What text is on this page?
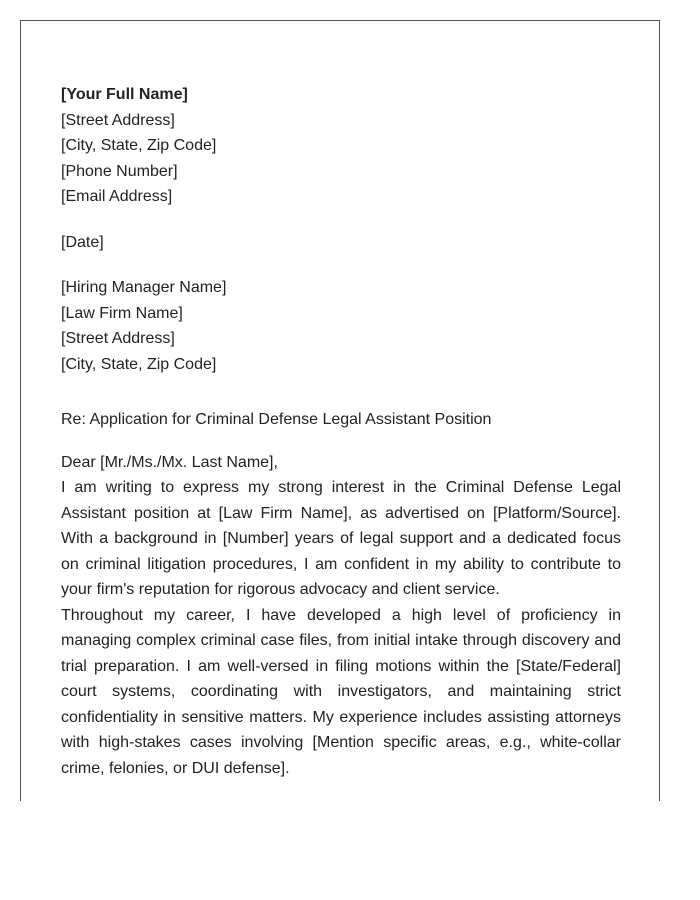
[Your Full Name]
[Street Address]
[City, State, Zip Code]
[Phone Number]
[Email Address]
[Date]
[Hiring Manager Name]
[Law Firm Name]
[Street Address]
[City, State, Zip Code]
Re: Application for Criminal Defense Legal Assistant Position
Dear [Mr./Ms./Mx. Last Name],

I am writing to express my strong interest in the Criminal Defense Legal Assistant position at [Law Firm Name], as advertised on [Platform/Source]. With a background in [Number] years of legal support and a dedicated focus on criminal litigation procedures, I am confident in my ability to contribute to your firm's reputation for rigorous advocacy and client service.

Throughout my career, I have developed a high level of proficiency in managing complex criminal case files, from initial intake through discovery and trial preparation. I am well-versed in filing motions within the [State/Federal] court systems, coordinating with investigators, and maintaining strict confidentiality in sensitive matters. My experience includes assisting attorneys with high-stakes cases involving [Mention specific areas, e.g., white-collar crime, felonies, or DUI defense].
